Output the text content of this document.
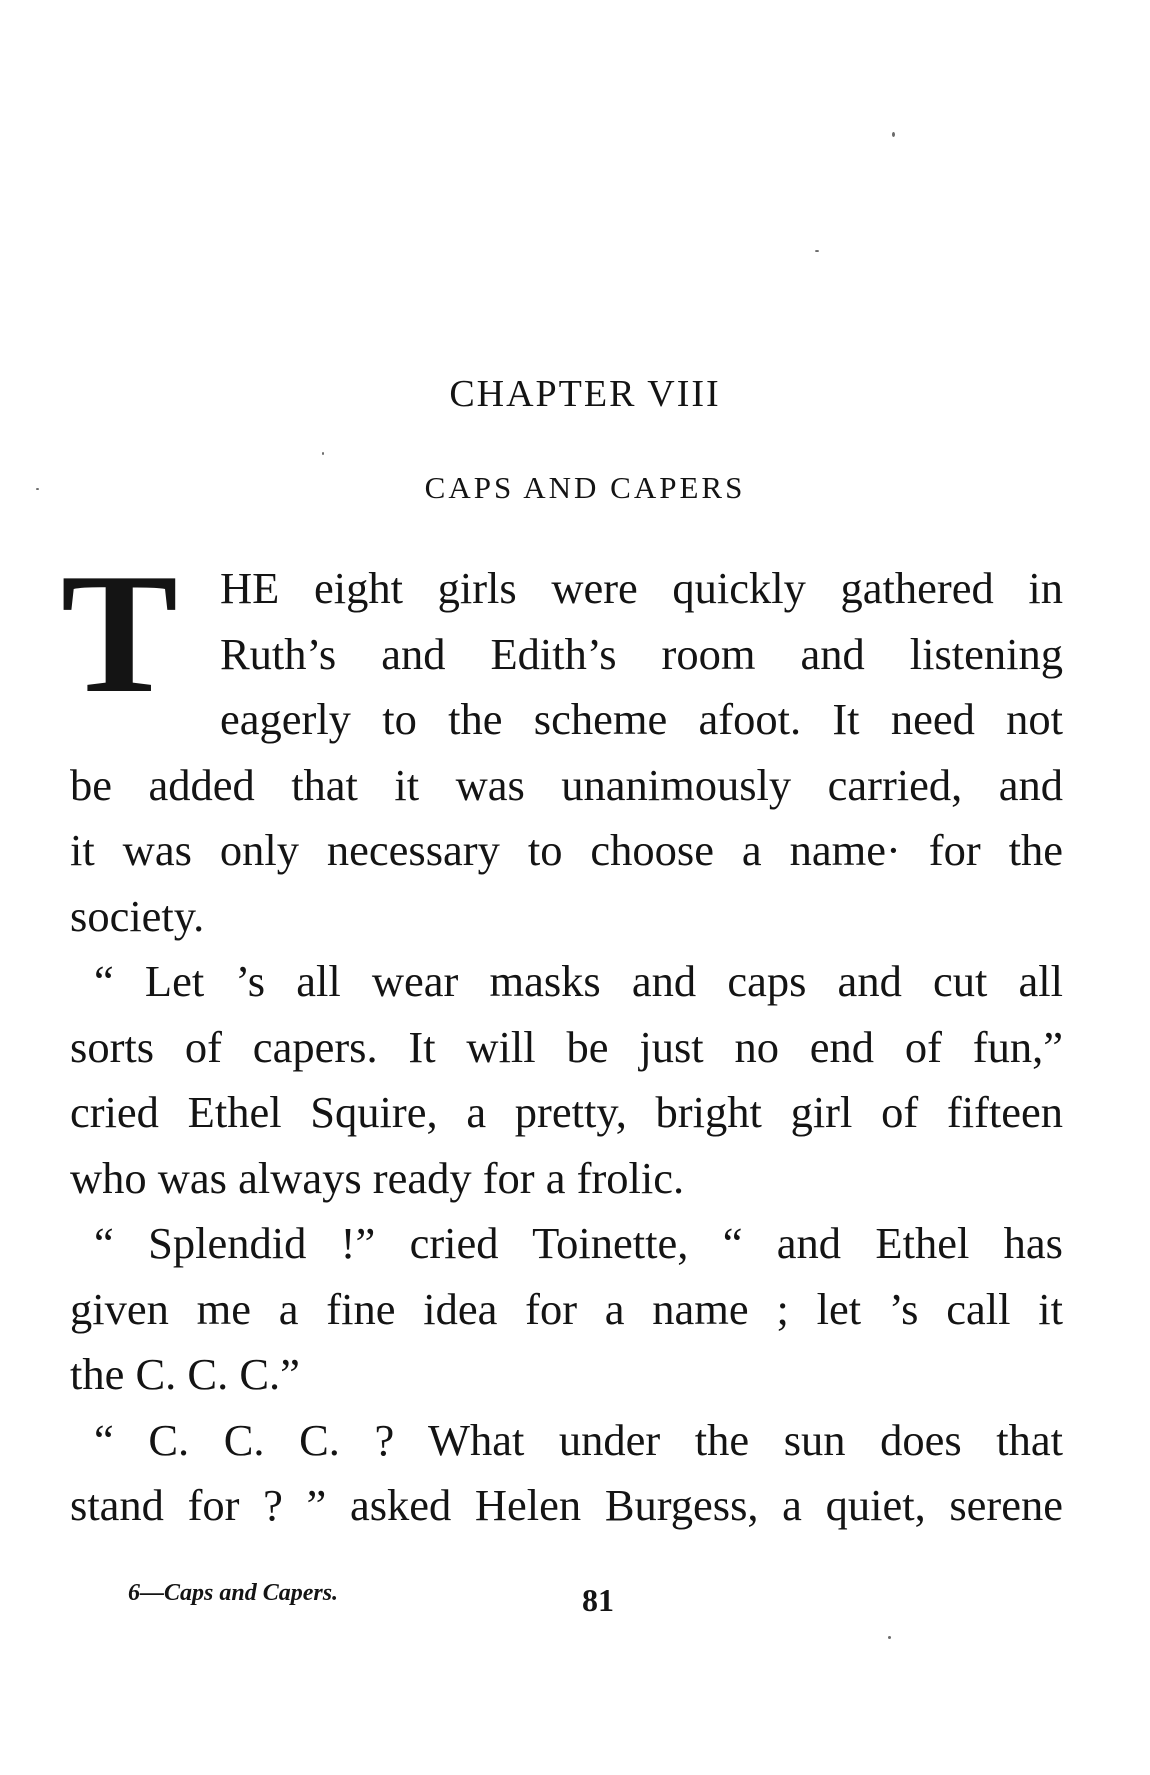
CHAPTER VIII
CAPS AND CAPERS
T HE eight girls were quickly gathered in
Ruth’s and Edith’s room and listening
eagerly to the scheme afoot. It need not
be added that it was unanimously carried, and
it was only necessary to choose a name· for the
society.
“ Let ’s all wear masks and caps and cut all
sorts of capers. It will be just no end of fun,”
cried Ethel Squire, a pretty, bright girl of fifteen
who was always ready for a frolic.
“ Splendid !” cried Toinette, “ and Ethel has
given me a fine idea for a name ; let ’s call it
the C. C. C.”
“ C. C. C. ? What under the sun does that
stand for ? ” asked Helen Burgess, a quiet, serene
6—Caps and Capers.	81
